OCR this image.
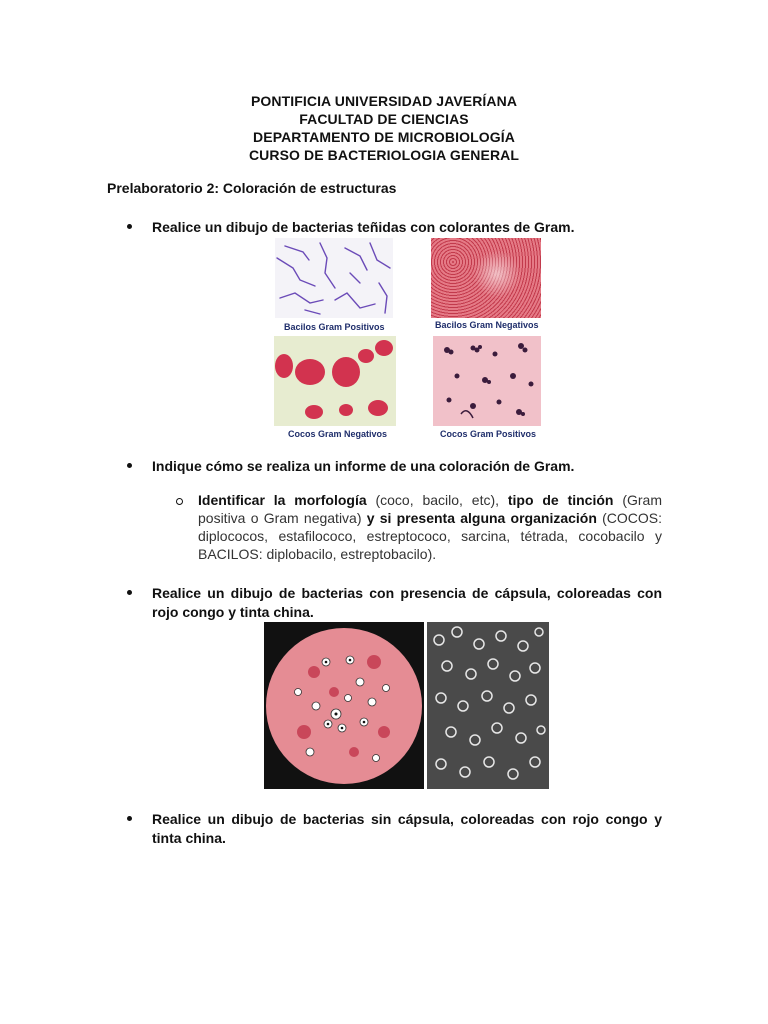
PONTIFICIA UNIVERSIDAD JAVERÍANA
FACULTAD DE CIENCIAS
DEPARTAMENTO DE MICROBIOLOGÍA
CURSO DE BACTERIOLOGIA GENERAL
Prelaboratorio 2: Coloración de estructuras
Realice un dibujo de bacterias teñidas con colorantes de Gram.
Bacilos Gram Positivos	Bacilos Gram Negativos
Cocos Gram Negativos	Cocos Gram Positivos
Indique cómo se realiza un informe de una coloración de Gram.
Identificar la morfología (coco, bacilo, etc), tipo de tinción (Gram positiva o Gram negativa) y si presenta alguna organización (COCOS: diplococos, estafilococo, estreptococo, sarcina, tétrada, cocobacilo y BACILOS: diplobacilo, estreptobacilo).
Realice un dibujo de bacterias con presencia de cápsula, coloreadas con rojo congo y tinta china.
Realice un dibujo de bacterias sin cápsula, coloreadas con rojo congo y tinta china.
